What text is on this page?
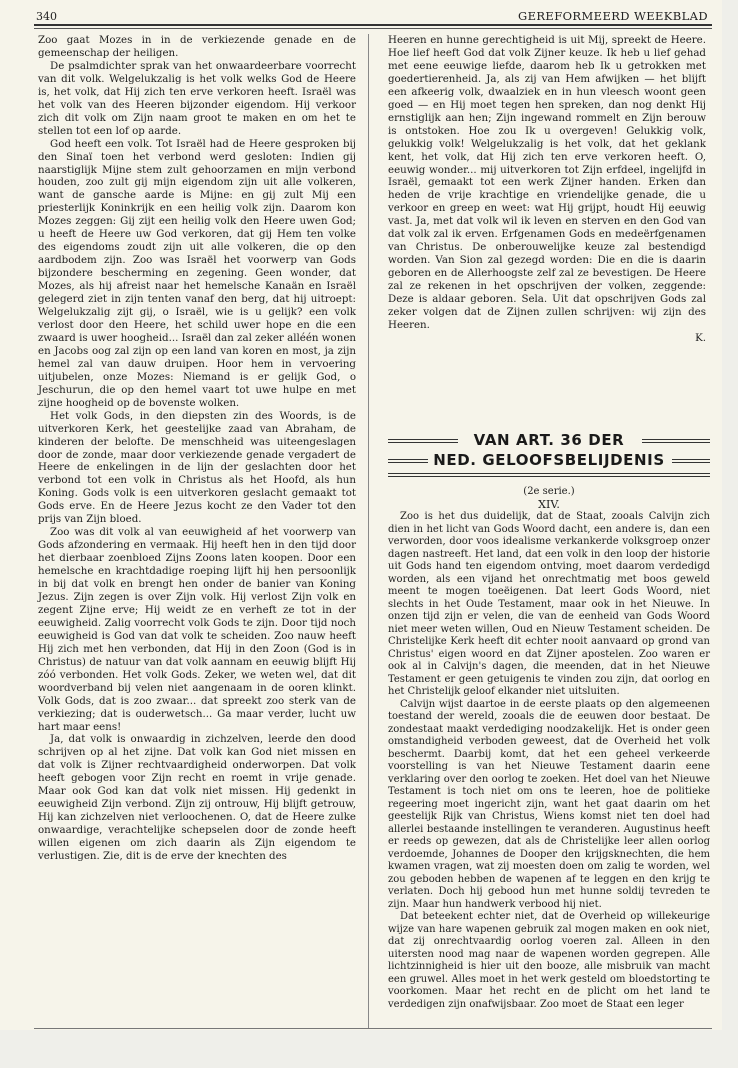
340	GEREFORMEERD WEEKBLAD

Zoo gaat Mozes in in de verkiezende genade en de gemeenschap der heiligen.

De psalmdichter sprak van het onwaardeerbare voorrecht van dit volk. Welgelukzalig is het volk welks God de Heere is, het volk, dat Hij zich ten erve verkoren heeft. Israël was het volk van des Heeren bijzonder eigendom. Hij verkoor zich dit volk om Zijn naam groot te maken en om het te stellen tot een lof op aarde.

God heeft een volk. Tot Israël had de Heere gesproken bij den Sinaï toen het verbond werd gesloten: Indien gij naarstiglijk Mijne stem zult gehoorzamen en mijn verbond houden, zoo zult gij mijn eigendom zijn uit alle volkeren, want de gansche aarde is Mijne: en gij zult Mij een priesterlijk Koninkrijk en een heilig volk zijn. Daarom kon Mozes zeggen: Gij zijt een heilig volk den Heere uwen God; u heeft de Heere uw God verkoren, dat gij Hem ten volke des eigendoms zoudt zijn uit alle volkeren, die op den aardbodem zijn. Zoo was Israël het voorwerp van Gods bijzondere bescherming en zegening. Geen wonder, dat Mozes, als hij afreist naar het hemelsche Kanaän en Israël gelegerd ziet in zijn tenten vanaf den berg, dat hij uitroept: Welgelukzalig zijt gij, o Israël, wie is u gelijk? een volk verlost door den Heere, het schild uwer hope en die een zwaard is uwer hoogheid... Israël dan zal zeker alléén wonen en Jacobs oog zal zijn op een land van koren en most, ja zijn hemel zal van dauw druipen. Hoor hem in vervoering uitjubelen, onze Mozes: Niemand is er gelijk God, o Jeschurun, die op den hemel vaart tot uwe hulpe en met zijne hoogheid op de bovenste wolken.

Het volk Gods, in den diepsten zin des Woords, is de uitverkoren Kerk, het geestelijke zaad van Abraham, de kinderen der belofte. De menschheid was uiteengeslagen door de zonde, maar door verkiezende genade vergadert de Heere de enkelingen in de lijn der geslachten door het verbond tot een volk in Christus als het Hoofd, als hun Koning. Gods volk is een uitverkoren geslacht gemaakt tot Gods erve. En de Heere Jezus kocht ze den Vader tot den prijs van Zijn bloed.

Zoo was dit volk al van eeuwigheid af het voorwerp van Gods afzondering en vermaak. Hij heeft hen in den tijd door het dierbaar zoenbloed Zijns Zoons laten koopen. Door een hemelsche en krachtdadige roeping lijft hij hen persoonlijk in bij dat volk en brengt hen onder de banier van Koning Jezus. Zijn zegen is over Zijn volk. Hij verlost Zijn volk en zegent Zijne erve; Hij weidt ze en verheft ze tot in der eeuwigheid. Zalig voorrecht volk Gods te zijn. Door tijd noch eeuwigheid is God van dat volk te scheiden. Zoo nauw heeft Hij zich met hen verbonden, dat Hij in den Zoon (God is in Christus) de natuur van dat volk aannam en eeuwig blijft Hij zóó verbonden. Het volk Gods. Zeker, we weten wel, dat dit woordverband bij velen niet aangenaam in de ooren klinkt. Volk Gods, dat is zoo zwaar... dat spreekt zoo sterk van de verkiezing; dat is ouderwetsch... Ga maar verder, lucht uw hart maar eens!

Ja, dat volk is onwaardig in zichzelven, leerde den dood schrijven op al het zijne. Dat volk kan God niet missen en dat volk is Zijner rechtvaardigheid onderworpen. Dat volk heeft gebogen voor Zijn recht en roemt in vrije genade. Maar ook God kan dat volk niet missen. Hij gedenkt in eeuwigheid Zijn verbond. Zijn zij ontrouw, Hij blijft getrouw, Hij kan zichzelven niet verloochenen. O, dat de Heere zulke onwaardige, verachtelijke schepselen door de zonde heeft willen eigenen om zich daarin als Zijn eigendom te verlustigen. Zie, dit is de erve der knechten des

Heeren en hunne gerechtigheid is uit Mij, spreekt de Heere. Hoe lief heeft God dat volk Zijner keuze. Ik heb u lief gehad met eene eeuwige liefde, daarom heb Ik u getrokken met goedertierenheid. Ja, als zij van Hem afwijken — het blijft een afkeerig volk, dwaalziek en in hun vleesch woont geen goed — en Hij moet tegen hen spreken, dan nog denkt Hij ernstiglijk aan hen; Zijn ingewand rommelt en Zijn berouw is ontstoken. Hoe zou Ik u overgeven! Gelukkig volk, gelukkig volk! Welgelukzalig is het volk, dat het geklank kent, het volk, dat Hij zich ten erve verkoren heeft. O, eeuwig wonder... mij uitverkoren tot Zijn erfdeel, ingelijfd in Israël, gemaakt tot een werk Zijner handen. Erken dan heden de vrije krachtige en vriendelijke genade, die u verkoor en greep en weet: wat Hij grijpt, houdt Hij eeuwig vast. Ja, met dat volk wil ik leven en sterven en den God van dat volk zal ik erven. Erfgenamen Gods en medeërfgenamen van Christus. De onberouwelijke keuze zal bestendigd worden. Van Sion zal gezegd worden: Die en die is daarin geboren en de Allerhoogste zelf zal ze bevestigen. De Heere zal ze rekenen in het opschrijven der volken, zeggende: Deze is aldaar geboren. Sela. Uit dat opschrijven Gods zal zeker volgen dat de Zijnen zullen schrijven: wij zijn des Heeren.

K.

VAN ART. 36 DER
NED. GELOOFSBELIJDENIS

(2e serie.)

XIV.

Zoo is het dus duidelijk, dat de Staat, zooals Calvijn zich dien in het licht van Gods Woord dacht, een andere is, dan een verworden, door voos idealisme verkankerde volksgroep onzer dagen nastreeft. Het land, dat een volk in den loop der historie uit Gods hand ten eigendom ontving, moet daarom verdedigd worden, als een vijand het onrechtmatig met boos geweld meent te mogen toeëigenen. Dat leert Gods Woord, niet slechts in het Oude Testament, maar ook in het Nieuwe. In onzen tijd zijn er velen, die van de eenheid van Gods Woord niet meer weten willen, Oud en Nieuw Testament scheiden. De Christelijke Kerk heeft dit echter nooit aanvaard op grond van Christus' eigen woord en dat Zijner apostelen. Zoo waren er ook al in Calvijn's dagen, die meenden, dat in het Nieuwe Testament er geen getuigenis te vinden zou zijn, dat oorlog en het Christelijk geloof elkander niet uitsluiten.

Calvijn wijst daartoe in de eerste plaats op den algemeenen toestand der wereld, zooals die de eeuwen door bestaat. De zondestaat maakt verdediging noodzakelijk. Het is onder geen omstandigheid verboden geweest, dat de Overheid het volk beschermt. Daarbij komt, dat het een geheel verkeerde voorstelling is van het Nieuwe Testament daarin eene verklaring over den oorlog te zoeken. Het doel van het Nieuwe Testament is toch niet om ons te leeren, hoe de politieke regeering moet ingericht zijn, want het gaat daarin om het geestelijk Rijk van Christus, Wiens komst niet ten doel had allerlei bestaande instellingen te veranderen. Augustinus heeft er reeds op gewezen, dat als de Christelijke leer allen oorlog verdoemde, Johannes de Dooper den krijgsknechten, die hem kwamen vragen, wat zij moesten doen om zalig te worden, wel zou geboden hebben de wapenen af te leggen en den krijg te verlaten. Doch hij gebood hun met hunne soldij tevreden te zijn. Maar hun handwerk verbood hij niet.

Dat beteekent echter niet, dat de Overheid op willekeurige wijze van hare wapenen gebruik zal mogen maken en ook niet, dat zij onrechtvaardig oorlog voeren zal. Alleen in den uitersten nood mag naar de wapenen worden gegrepen. Alle lichtzinnigheid is hier uit den booze, alle misbruik van macht een gruwel. Alles moet in het werk gesteld om bloedstorting te voorkomen. Maar het recht en de plicht om het land te verdedigen zijn onafwijsbaar. Zoo moet de Staat een leger
